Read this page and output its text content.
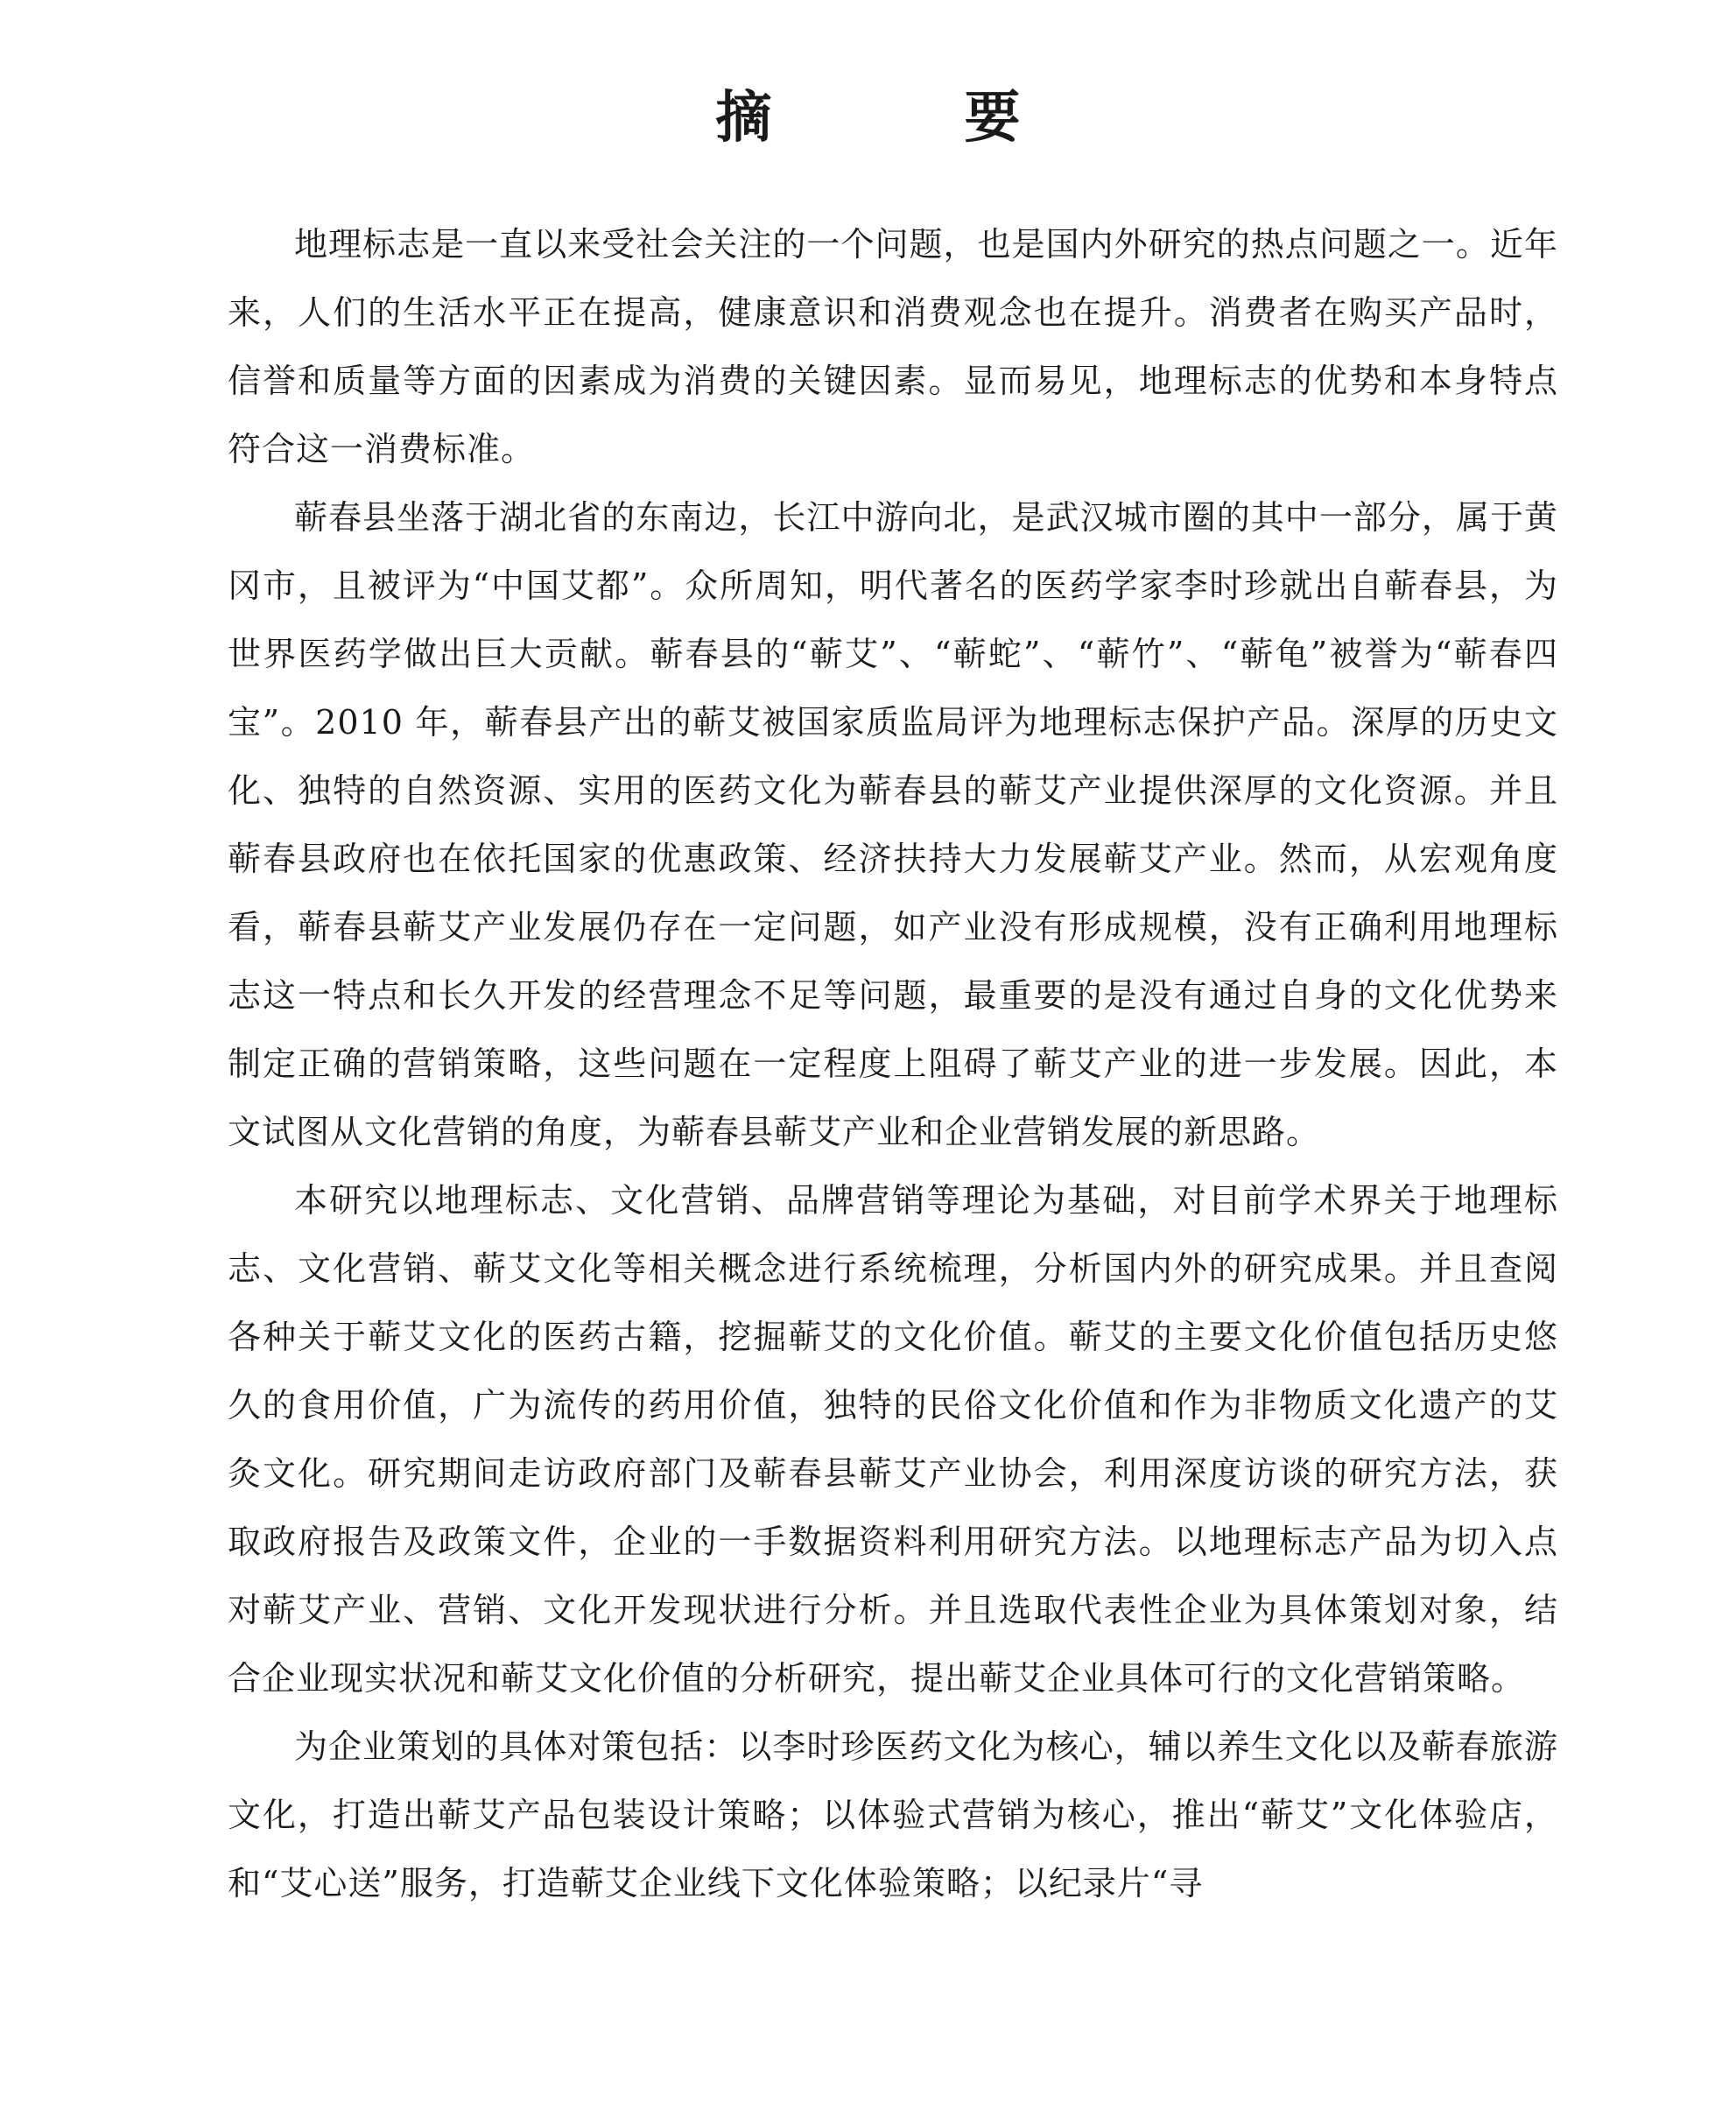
摘　要

地理标志是一直以来受社会关注的一个问题，也是国内外研究的热点问题之一。近年来，人们的生活水平正在提高，健康意识和消费观念也在提升。消费者在购买产品时，信誉和质量等方面的因素成为消费的关键因素。显而易见，地理标志的优势和本身特点符合这一消费标准。

蕲春县坐落于湖北省的东南边，长江中游向北，是武汉城市圈的其中一部分，属于黄冈市，且被评为“中国艾都”。众所周知，明代著名的医药学家李时珍就出自蕲春县，为世界医药学做出巨大贡献。蕲春县的“蕲艾”、“蕲蛇”、“蕲竹”、“蕲龟”被誉为“蕲春四宝”。2010 年，蕲春县产出的蕲艾被国家质监局评为地理标志保护产品。深厚的历史文化、独特的自然资源、实用的医药文化为蕲春县的蕲艾产业提供深厚的文化资源。并且蕲春县政府也在依托国家的优惠政策、经济扶持大力发展蕲艾产业。然而，从宏观角度看，蕲春县蕲艾产业发展仍存在一定问题，如产业没有形成规模，没有正确利用地理标志这一特点和长久开发的经营理念不足等问题，最重要的是没有通过自身的文化优势来制定正确的营销策略，这些问题在一定程度上阻碍了蕲艾产业的进一步发展。因此，本文试图从文化营销的角度，为蕲春县蕲艾产业和企业营销发展的新思路。

本研究以地理标志、文化营销、品牌营销等理论为基础，对目前学术界关于地理标志、文化营销、蕲艾文化等相关概念进行系统梳理，分析国内外的研究成果。并且查阅各种关于蕲艾文化的医药古籍，挖掘蕲艾的文化价值。蕲艾的主要文化价值包括历史悠久的食用价值，广为流传的药用价值，独特的民俗文化价值和作为非物质文化遗产的艾灸文化。研究期间走访政府部门及蕲春县蕲艾产业协会，利用深度访谈的研究方法，获取政府报告及政策文件，企业的一手数据资料利用研究方法。以地理标志产品为切入点对蕲艾产业、营销、文化开发现状进行分析。并且选取代表性企业为具体策划对象，结合企业现实状况和蕲艾文化价值的分析研究，提出蕲艾企业具体可行的文化营销策略。

为企业策划的具体对策包括：以李时珍医药文化为核心，辅以养生文化以及蕲春旅游文化，打造出蕲艾产品包装设计策略；以体验式营销为核心，推出“蕲艾”文化体验店，和“艾心送”服务，打造蕲艾企业线下文化体验策略；以纪录片“寻
